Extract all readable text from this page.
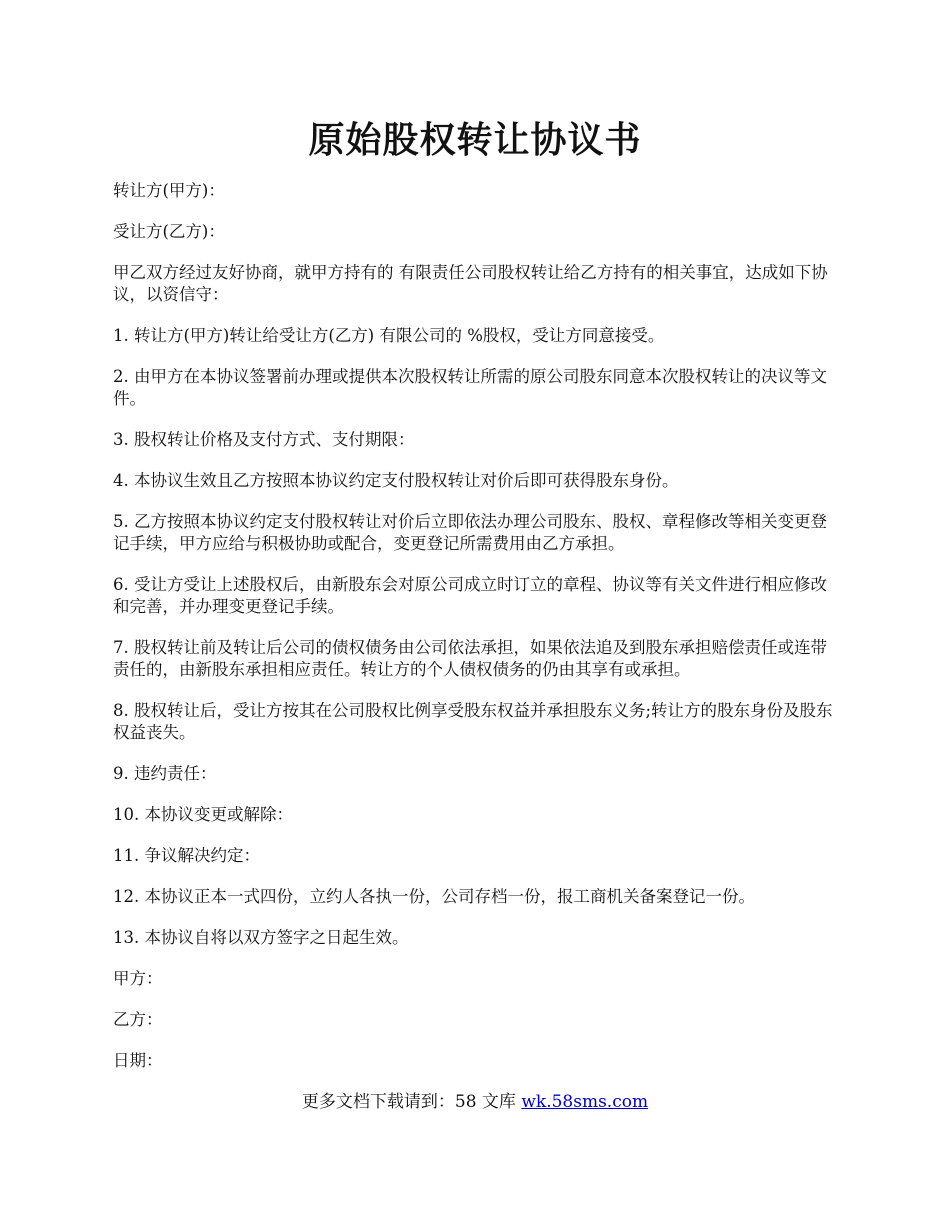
原始股权转让协议书

转让方(甲方)：

受让方(乙方)：

甲乙双方经过友好协商，就甲方持有的 有限责任公司股权转让给乙方持有的相关事宜，达成如下协议，以资信守：

1. 转让方(甲方)转让给受让方(乙方) 有限公司的 %股权，受让方同意接受。

2. 由甲方在本协议签署前办理或提供本次股权转让所需的原公司股东同意本次股权转让的决议等文件。

3. 股权转让价格及支付方式、支付期限：

4. 本协议生效且乙方按照本协议约定支付股权转让对价后即可获得股东身份。

5. 乙方按照本协议约定支付股权转让对价后立即依法办理公司股东、股权、章程修改等相关变更登记手续，甲方应给与积极协助或配合，变更登记所需费用由乙方承担。

6. 受让方受让上述股权后，由新股东会对原公司成立时订立的章程、协议等有关文件进行相应修改和完善，并办理变更登记手续。

7. 股权转让前及转让后公司的债权债务由公司依法承担，如果依法追及到股东承担赔偿责任或连带责任的，由新股东承担相应责任。转让方的个人债权债务的仍由其享有或承担。

8. 股权转让后，受让方按其在公司股权比例享受股东权益并承担股东义务;转让方的股东身份及股东权益丧失。

9. 违约责任：

10. 本协议变更或解除：

11. 争议解决约定：

12. 本协议正本一式四份，立约人各执一份，公司存档一份，报工商机关备案登记一份。

13. 本协议自将以双方签字之日起生效。

甲方：

乙方：

日期：

更多文档下载请到：58 文库 wk.58sms.com
